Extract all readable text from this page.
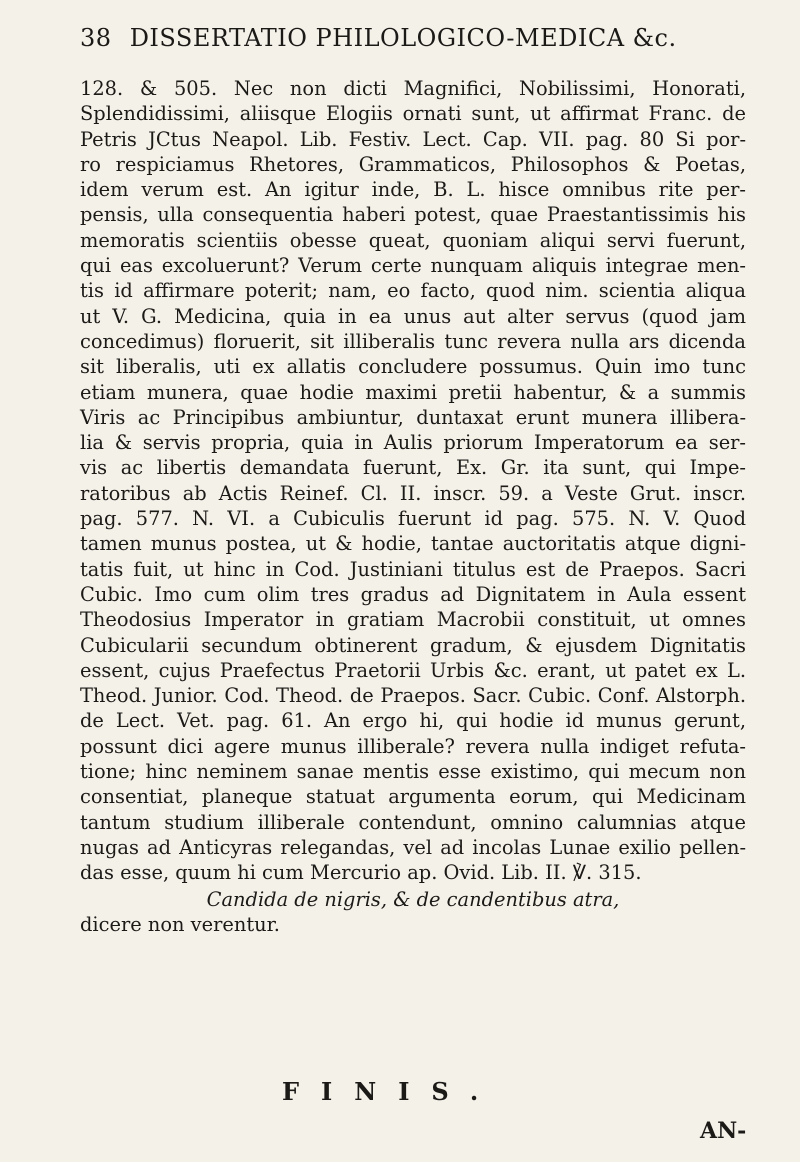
38 DISSERTATIO PHILOLOGICO-MEDICA &c.
128. & 505. Nec non dicti Magnifici, Nobilissimi, Honorati,
Splendidissimi, aliisque Elogiis ornati sunt, ut affirmat Franc. de
Petris JCtus Neapol. Lib. Festiv. Lect. Cap. VII. pag. 80 Si por-
ro respiciamus Rhetores, Grammaticos, Philosophos & Poetas,
idem verum est. An igitur inde, B. L. hisce omnibus rite per-
pensis, ulla consequentia haberi potest, quae Praestantissimis his
memoratis scientiis obesse queat, quoniam aliqui servi fuerunt,
qui eas excoluerunt? Verum certe nunquam aliquis integrae men-
tis id affirmare poterit; nam, eo facto, quod nim. scientia aliqua
ut V. G. Medicina, quia in ea unus aut alter servus (quod jam
concedimus) floruerit, sit illiberalis tunc revera nulla ars dicenda
sit liberalis, uti ex allatis concludere possumus. Quin imo tunc
etiam munera, quae hodie maximi pretii habentur, & a summis
Viris ac Principibus ambiuntur, duntaxat erunt munera illibera-
lia & servis propria, quia in Aulis priorum Imperatorum ea ser-
vis ac libertis demandata fuerunt, Ex. Gr. ita sunt, qui Impe-
ratoribus ab Actis Reinef. Cl. II. inscr. 59. a Veste Grut. inscr.
pag. 577. N. VI. a Cubiculis fuerunt id pag. 575. N. V. Quod
tamen munus postea, ut & hodie, tantae auctoritatis atque digni-
tatis fuit, ut hinc in Cod. Justiniani titulus est de Praepos. Sacri
Cubic. Imo cum olim tres gradus ad Dignitatem in Aula essent
Theodosius Imperator in gratiam Macrobii constituit, ut omnes
Cubicularii secundum obtinerent gradum, & ejusdem Dignitatis
essent, cujus Praefectus Praetorii Urbis &c. erant, ut patet ex L.
Theod. Junior. Cod. Theod. de Praepos. Sacr. Cubic. Conf. Alstorph.
de Lect. Vet. pag. 61. An ergo hi, qui hodie id munus gerunt,
possunt dici agere munus illiberale? revera nulla indiget refuta-
tione; hinc neminem sanae mentis esse existimo, qui mecum non
consentiat, planeque statuat argumenta eorum, qui Medicinam
tantum studium illiberale contendunt, omnino calumnias atque
nugas ad Anticyras relegandas, vel ad incolas Lunae exilio pellen-
das esse, quum hi cum Mercurio ap. Ovid. Lib. II. ℣. 315.
Candida de nigris, & de candentibus atra,
dicere non verentur.
FINIS.
AN-
